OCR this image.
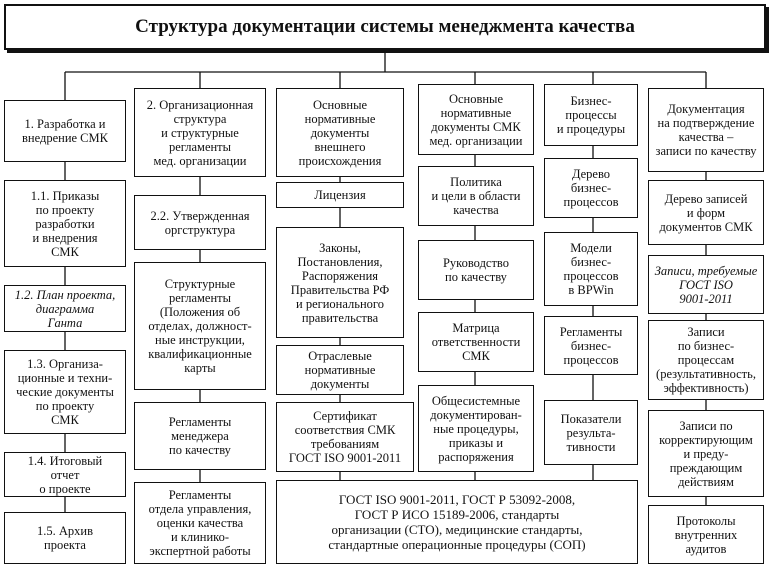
Структура документации системы менеджмента качества
1. Разработка и
внедрение СМК
1.1. Приказы
по проекту
разработки
и внедрения
СМК
1.2. План проекта,
диаграмма
Ганта
1.3. Организа-
ционные и техни-
ческие документы
по проекту
СМК
1.4. Итоговый
отчет
о проекте
1.5. Архив
проекта
2. Организационная
структура
и структурные
регламенты
мед. организации
2.2. Утвержденная
оргструктура
Структурные
регламенты
(Положения об
отделах, должност-
ные инструкции,
квалификационные
карты
Регламенты
менеджера
по качеству
Регламенты
отдела управления,
оценки качества
и клинико-
экспертной работы
Основные
нормативные
документы
внешнего
происхождения
Лицензия
Законы,
Постановления,
Распоряжения
Правительства РФ
и регионального
правительства
Отраслевые
нормативные
документы
Сертификат
соответствия СМК
требованиям
ГОСТ ISO 9001-2011
Основные
нормативные
документы СМК
мед. организации
Политика
и цели в области
качества
Руководство
по качеству
Матрица
ответственности
СМК
Общесистемные
документирован-
ные процедуры,
приказы и
распоряжения
Бизнес-
процессы
и процедуры
Дерево
бизнес-
процессов
Модели
бизнес-
процессов
в BPWin
Регламенты
бизнес-
процессов
Показатели
результа-
тивности
Документация
на подтверждение
качества –
записи по качеству
Дерево записей
и форм
документов СМК
Записи, требуемые
ГОСТ ISO
9001-2011
Записи
по бизнес-
процессам
(результативность,
эффективность)
Записи по
корректирующим
и преду-
преждающим
действиям
Протоколы
внутренних
аудитов
ГОСТ ISO 9001-2011, ГОСТ Р 53092-2008,
ГОСТ Р ИСО 15189-2006, стандарты
организации (СТО), медицинские стандарты,
стандартные операционные процедуры (СОП)
